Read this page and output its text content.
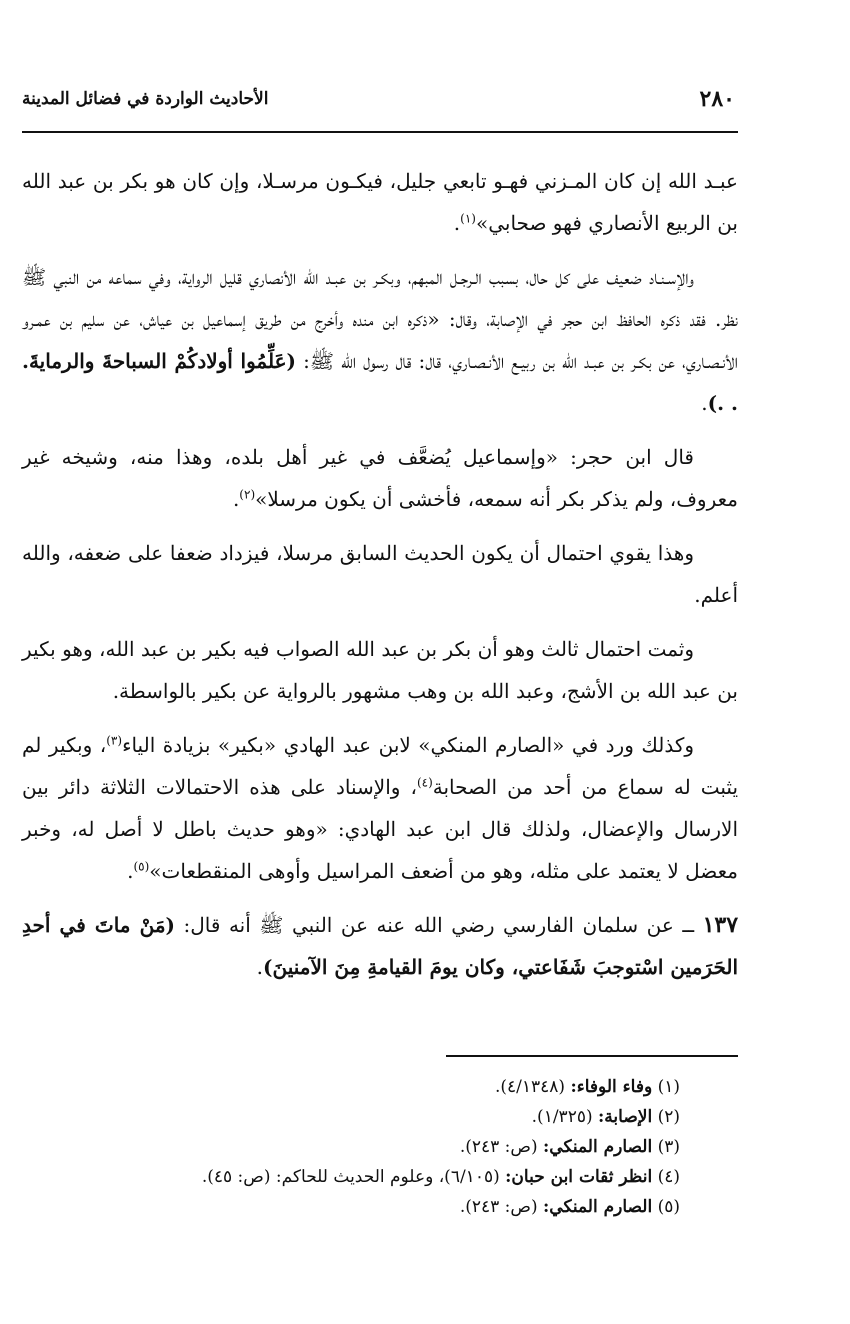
٢٨٠
الأحاديث الواردة في فضائل المدينة

عبـد الله إن كان المـزني فهـو تابعي جليل، فيكـون مرسـلا، وإن كان هو بكر بن عبد الله بن الربيع الأنصاري فهو صحابي»$^{(١)}$.

والإسـنـاد ضعيف على كل حال، بسبب الـرجـل المبهم، وبكـر بن عبـد الله الأنصاري قليل الرواية، وفي سماعه من النبي ﷺ نظر. فقد ذكره الحافظ ابن حجر في الإصابة، وقال: «ذكره ابن منده وأخرج من طريق إسماعيل بن عياش، عن سليم بن عمـرو الأنـصـاري، عن بكـر بن عبـد الله بن ربيـع الأنـصـاري، قال: قال رسول الله ﷺ: (عَلِّمُوا أولادكُمْ السباحةَ والرمايةَ. . .).

قال ابن حجر: «وإسماعيل يُضعَّف في غير أهل بلده، وهذا منه، وشيخه غير معروف، ولم يذكر بكر أنه سمعه، فأخشى أن يكون مرسلا»$^{(٢)}$.

وهذا يقوي احتمال أن يكون الحديث السابق مرسلا، فيزداد ضعفا على ضعفه، والله أعلم.

وثمت احتمال ثالث وهو أن بكر بن عبد الله الصواب فيه بكير بن عبد الله، وهو بكير بن عبد الله بن الأشج، وعبد الله بن وهب مشهور بالرواية عن بكير بالواسطة.

وكذلك ورد في «الصارم المنكي» لابن عبد الهادي «بكير» بزيادة الياء$^{(٣)}$، وبكير لم يثبت له سماع من أحد من الصحابة$^{(٤)}$، والإسناد على هذه الاحتمالات الثلاثة دائر بين الارسال والإعضال، ولذلك قال ابن عبد الهادي: «وهو حديث باطل لا أصل له، وخبر معضل لا يعتمد على مثله، وهو من أضعف المراسيل وأوهى المنقطعات»$^{(٥)}$.

١٣٧ ــ عن سلمان الفارسي رضي الله عنه عن النبي ﷺ أنه قال: (مَنْ ماتَ في أحدِ الحَرَمين اسْتوجبَ شَفَاعتي، وكان يومَ القيامةِ مِنَ الآمنينَ).

(١) وفاء الوفاء: (٤/١٣٤٨).

(٢) الإصابة: (١/٣٢٥).

(٣) الصارم المنكي: (ص: ٢٤٣).

(٤) انظر ثقات ابن حبان: (٦/١٠٥)، وعلوم الحديث للحاكم: (ص: ٤٥).

(٥) الصارم المنكي: (ص: ٢٤٣).
